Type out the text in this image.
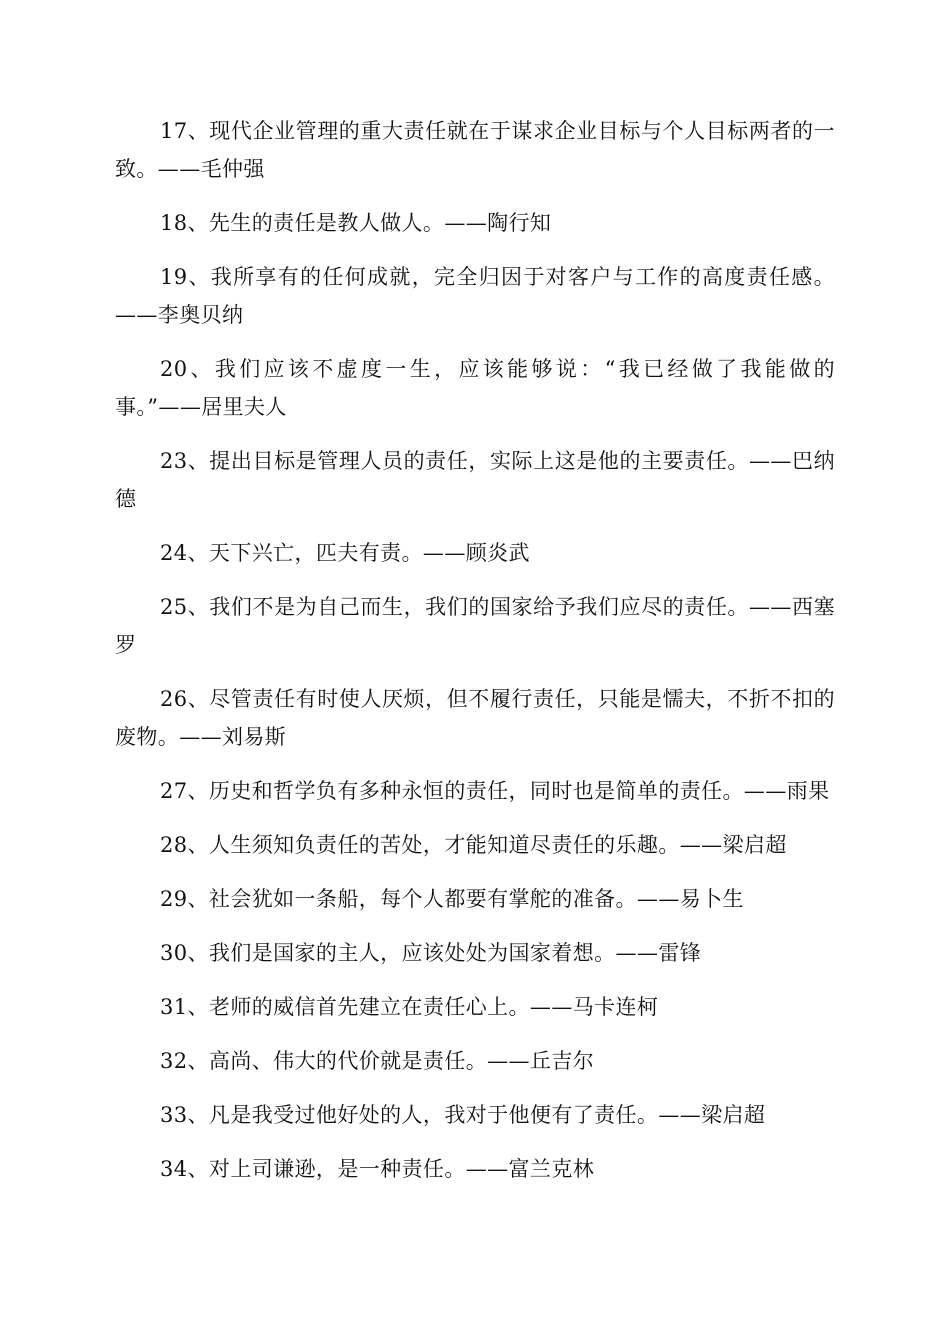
17、现代企业管理的重大责任就在于谋求企业目标与个人目标两者的一致。——毛仲强

18、先生的责任是教人做人。——陶行知

19、我所享有的任何成就，完全归因于对客户与工作的高度责任感。——李奥贝纳

20、我们应该不虚度一生，应该能够说：“我已经做了我能做的事。”——居里夫人

23、提出目标是管理人员的责任，实际上这是他的主要责任。——巴纳德

24、天下兴亡，匹夫有责。——顾炎武

25、我们不是为自己而生，我们的国家给予我们应尽的责任。——西塞罗

26、尽管责任有时使人厌烦，但不履行责任，只能是懦夫，不折不扣的废物。——刘易斯

27、历史和哲学负有多种永恒的责任，同时也是简单的责任。——雨果

28、人生须知负责任的苦处，才能知道尽责任的乐趣。——梁启超

29、社会犹如一条船，每个人都要有掌舵的准备。——易卜生

30、我们是国家的主人，应该处处为国家着想。——雷锋

31、老师的威信首先建立在责任心上。——马卡连柯

32、高尚、伟大的代价就是责任。——丘吉尔

33、凡是我受过他好处的人，我对于他便有了责任。——梁启超

34、对上司谦逊，是一种责任。——富兰克林
